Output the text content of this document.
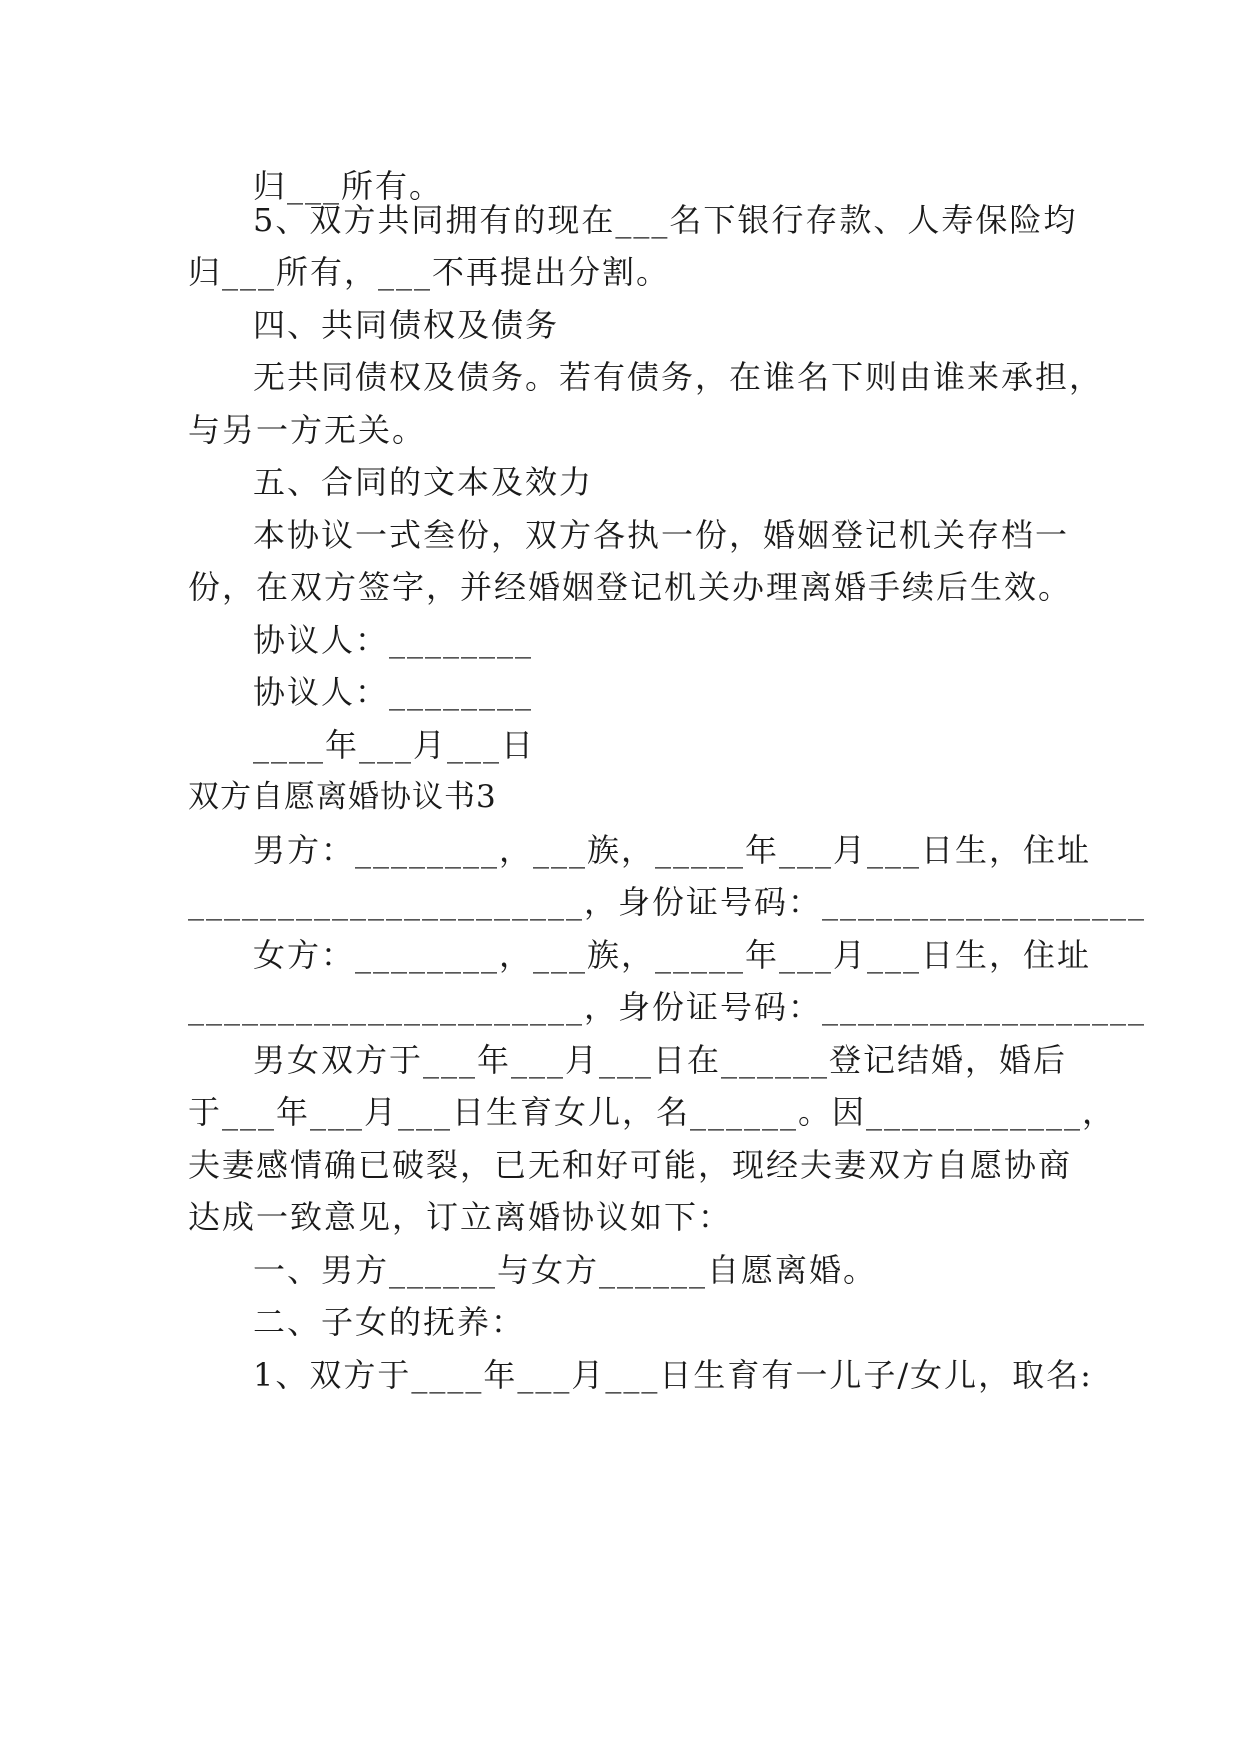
归___所有。
5、双方共同拥有的现在___名下银行存款、人寿保险均
归___所有，___不再提出分割。
四、共同债权及债务
无共同债权及债务。若有债务，在谁名下则由谁来承担，
与另一方无关。
五、合同的文本及效力
本协议一式叁份，双方各执一份，婚姻登记机关存档一
份，在双方签字，并经婚姻登记机关办理离婚手续后生效。
协议人：________
协议人：________
____年___月___日
双方自愿离婚协议书3
男方：________，___族，_____年___月___日生，住址
______________________，身份证号码：__________________
女方：________，___族，_____年___月___日生，住址
______________________，身份证号码：__________________
男女双方于___年___月___日在______登记结婚，婚后
于___年___月___日生育女儿，名______。因____________，
夫妻感情确已破裂，已无和好可能，现经夫妻双方自愿协商
达成一致意见，订立离婚协议如下：
一、男方______与女方______自愿离婚。
二、子女的抚养：
1、双方于____年___月___日生育有一儿子/女儿，取名:
